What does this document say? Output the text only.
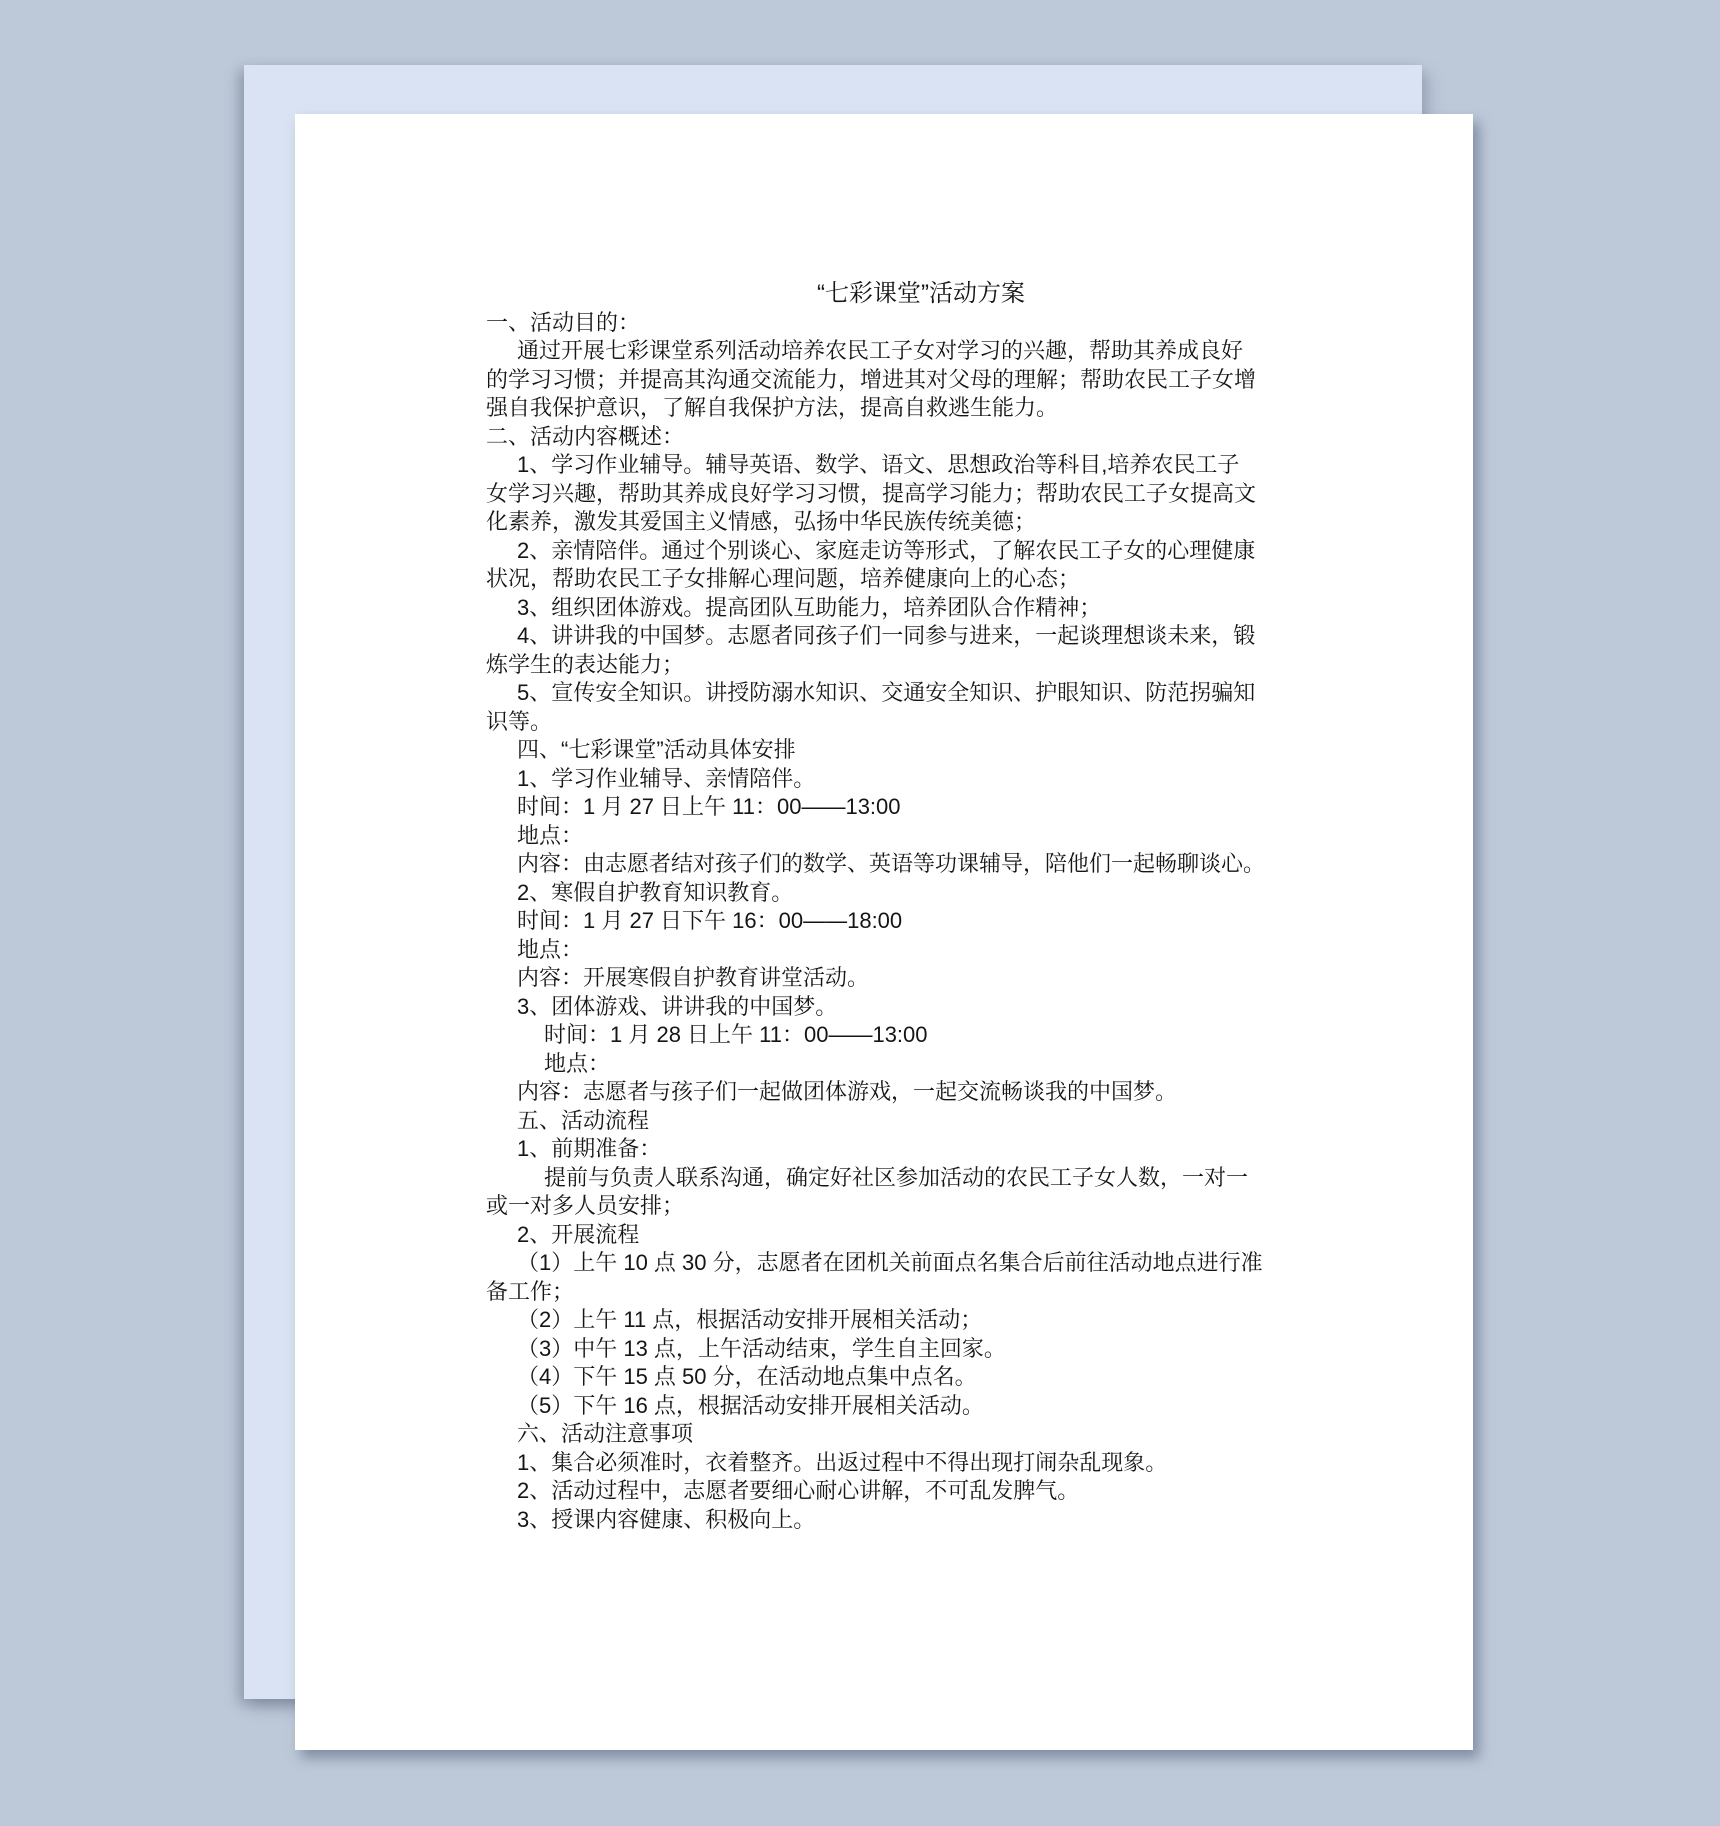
“七彩课堂”活动方案
一、活动目的：
通过开展七彩课堂系列活动培养农民工子女对学习的兴趣，帮助其养成良好
的学习习惯；并提高其沟通交流能力，增进其对父母的理解；帮助农民工子女增
强自我保护意识，了解自我保护方法，提高自救逃生能力。
二、活动内容概述：
1、学习作业辅导。辅导英语、数学、语文、思想政治等科目,培养农民工子
女学习兴趣，帮助其养成良好学习习惯，提高学习能力；帮助农民工子女提高文
化素养，激发其爱国主义情感，弘扬中华民族传统美德；
2、亲情陪伴。通过个别谈心、家庭走访等形式，了解农民工子女的心理健康
状况，帮助农民工子女排解心理问题，培养健康向上的心态；
3、组织团体游戏。提高团队互助能力，培养团队合作精神；
4、讲讲我的中国梦。志愿者同孩子们一同参与进来，一起谈理想谈未来，锻
炼学生的表达能力；
5、宣传安全知识。讲授防溺水知识、交通安全知识、护眼知识、防范拐骗知
识等。
四、“七彩课堂”活动具体安排
1、学习作业辅导、亲情陪伴。
时间：1 月 27 日上午 11：00——13:00
地点：
内容：由志愿者结对孩子们的数学、英语等功课辅导，陪他们一起畅聊谈心。
2、寒假自护教育知识教育。
时间：1 月 27 日下午 16：00——18:00
地点：
内容：开展寒假自护教育讲堂活动。
3、团体游戏、讲讲我的中国梦。
时间：1 月 28 日上午 11：00——13:00
地点：
内容：志愿者与孩子们一起做团体游戏，一起交流畅谈我的中国梦。
五、活动流程
1、前期准备：
提前与负责人联系沟通，确定好社区参加活动的农民工子女人数，一对一
或一对多人员安排；
2、开展流程
（1）上午 10 点 30 分，志愿者在团机关前面点名集合后前往活动地点进行准
备工作；
（2）上午 11 点，根据活动安排开展相关活动；
（3）中午 13 点，上午活动结束，学生自主回家。
（4）下午 15 点 50 分，在活动地点集中点名。
（5）下午 16 点，根据活动安排开展相关活动。
六、活动注意事项
1、集合必须准时，衣着整齐。出返过程中不得出现打闹杂乱现象。
2、活动过程中，志愿者要细心耐心讲解，不可乱发脾气。
3、授课内容健康、积极向上。
